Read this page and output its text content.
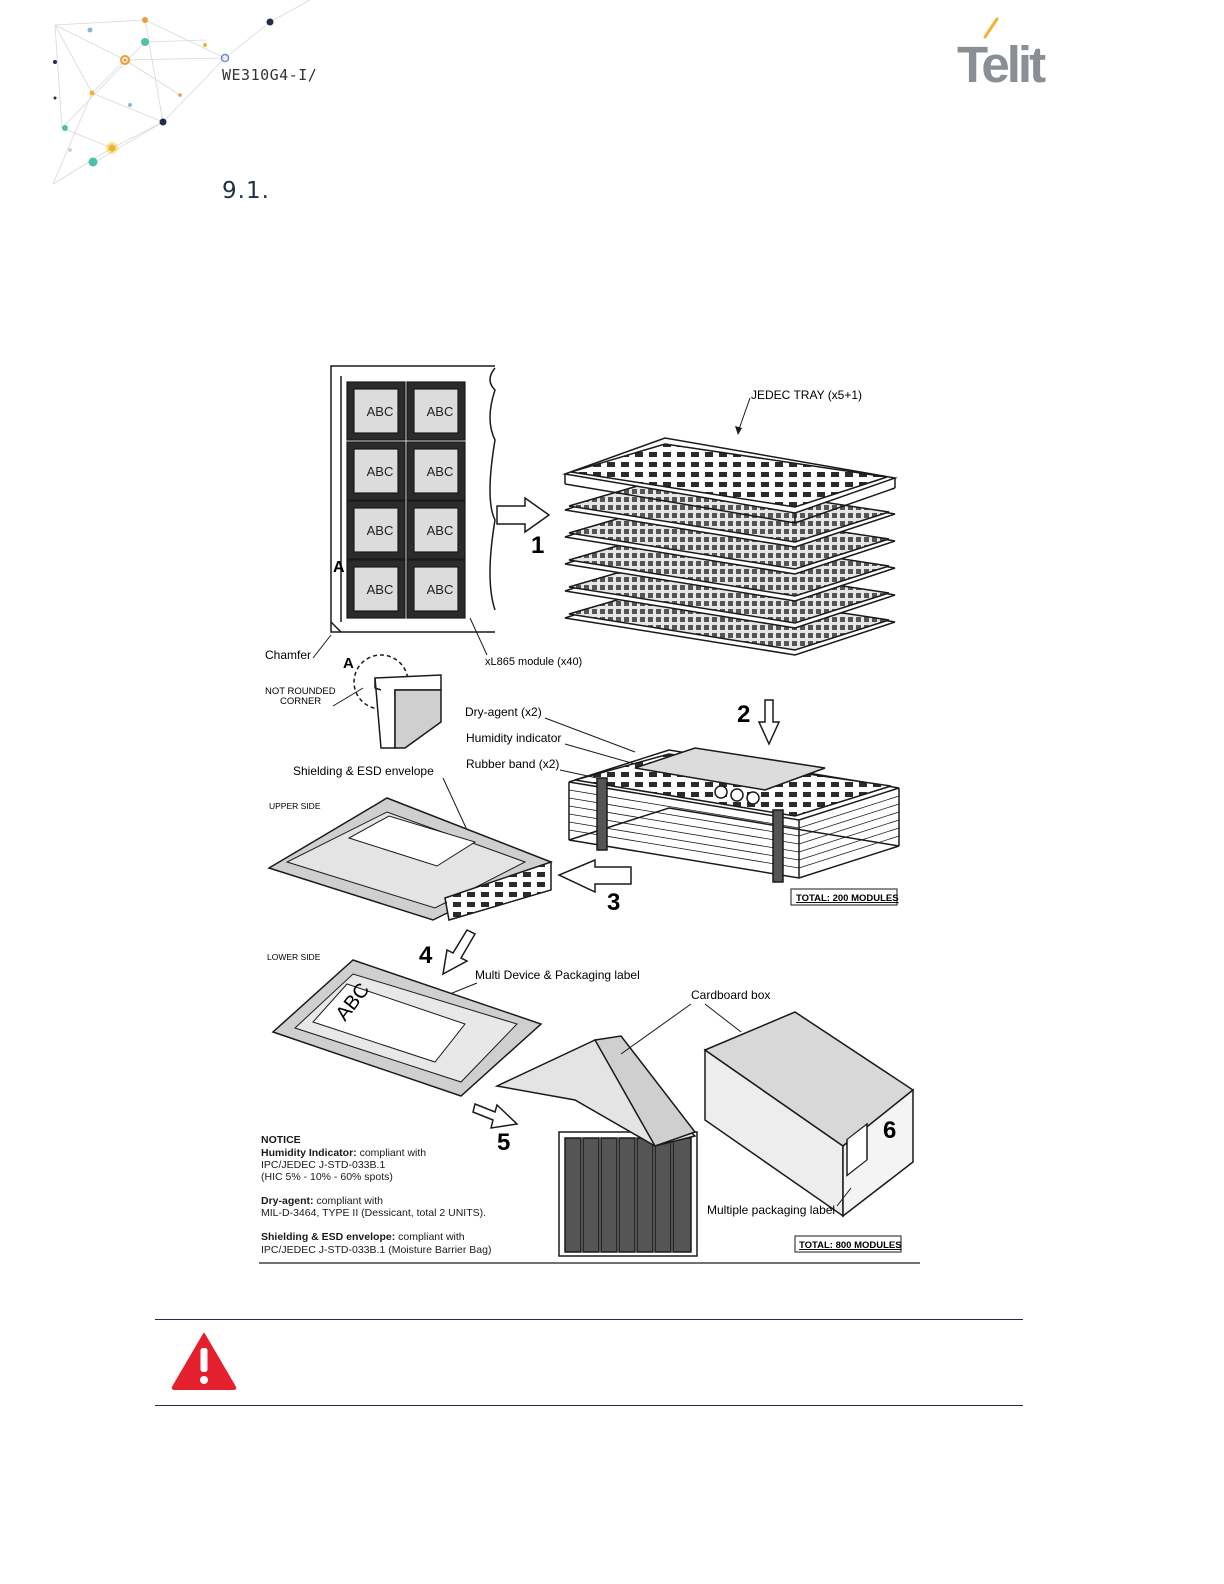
WE310G4-I/	Telit
9.1.
ABC	ABC
ABC	ABC
ABC	ABC
ABC	ABC
A
1
JEDEC TRAY (x5+1)
Chamfer	xL865 module (x40)
A
NOT ROUNDED
CORNER	2
Dry-agent (x2)
Humidity indicator
Rubber band (x2)
TOTAL: 200 MODULES
Shielding & ESD envelope
UPPER SIDE
3
4
LOWER SIDE
Multi Device & Packaging label
ABC
5
Cardboard box
6
Multiple packaging label
TOTAL: 800 MODULES
NOTICE
Humidity Indicator: compliant with
IPC/JEDEC J-STD-033B.1
(HIC 5% - 10% - 60% spots)
Dry-agent: compliant with
MIL-D-3464, TYPE II (Dessicant, total 2 UNITS).
Shielding & ESD envelope: compliant with
IPC/JEDEC J-STD-033B.1 (Moisture Barrier Bag)
